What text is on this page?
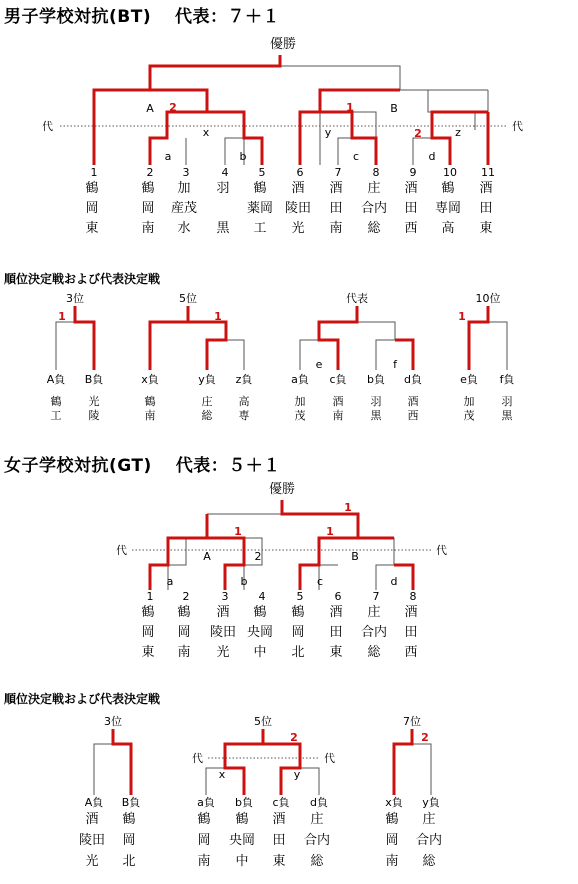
男子学校対抗(BT)　 代表：７＋１
順位決定戦および代表決定戦
女子学校対抗(GT)　 代表：５＋１
順位決定戦および代表決定戦
優勝
代	代
A	B
2	1
2
x	y	z
a	b	c	d
1
鶴
岡
東
2
鶴
岡
南
3
加
産茂
水
4
羽
黒
5
鶴
薬岡
工
6
酒
陵田
光
7
酒
田
南
8
庄
合内
総
9
酒
田
西
10
鶴
専岡
高
11
酒
田
東
3位
1
5位
1
代表
e	f
10位
1
A負
鶴
工
B負
光
陵
x負
鶴
南
y負
庄
総
z負
高
専
a負
加
茂
c負
酒
南
b負
羽
黒
d負
酒
西
e負
加
茂
f負
羽
黒
優勝
代	代
A	B
1
1	1
2
a	b	c	d
1
鶴
岡
東
2
鶴
岡
南
3
酒
陵田
光
4
鶴
央岡
中
5
鶴
岡
北
6
酒
田
東
7
庄
合内
総
8
酒
田
西
3位	5位
代	代
2
x	y
7位
2
A負
酒
陵田
光
B負
鶴
岡
北
a負
鶴
岡
南
b負
鶴
央岡
中
c負
酒
田
東
d負
庄
合内
総
x負
鶴
岡
南
y負
庄
合内
総
